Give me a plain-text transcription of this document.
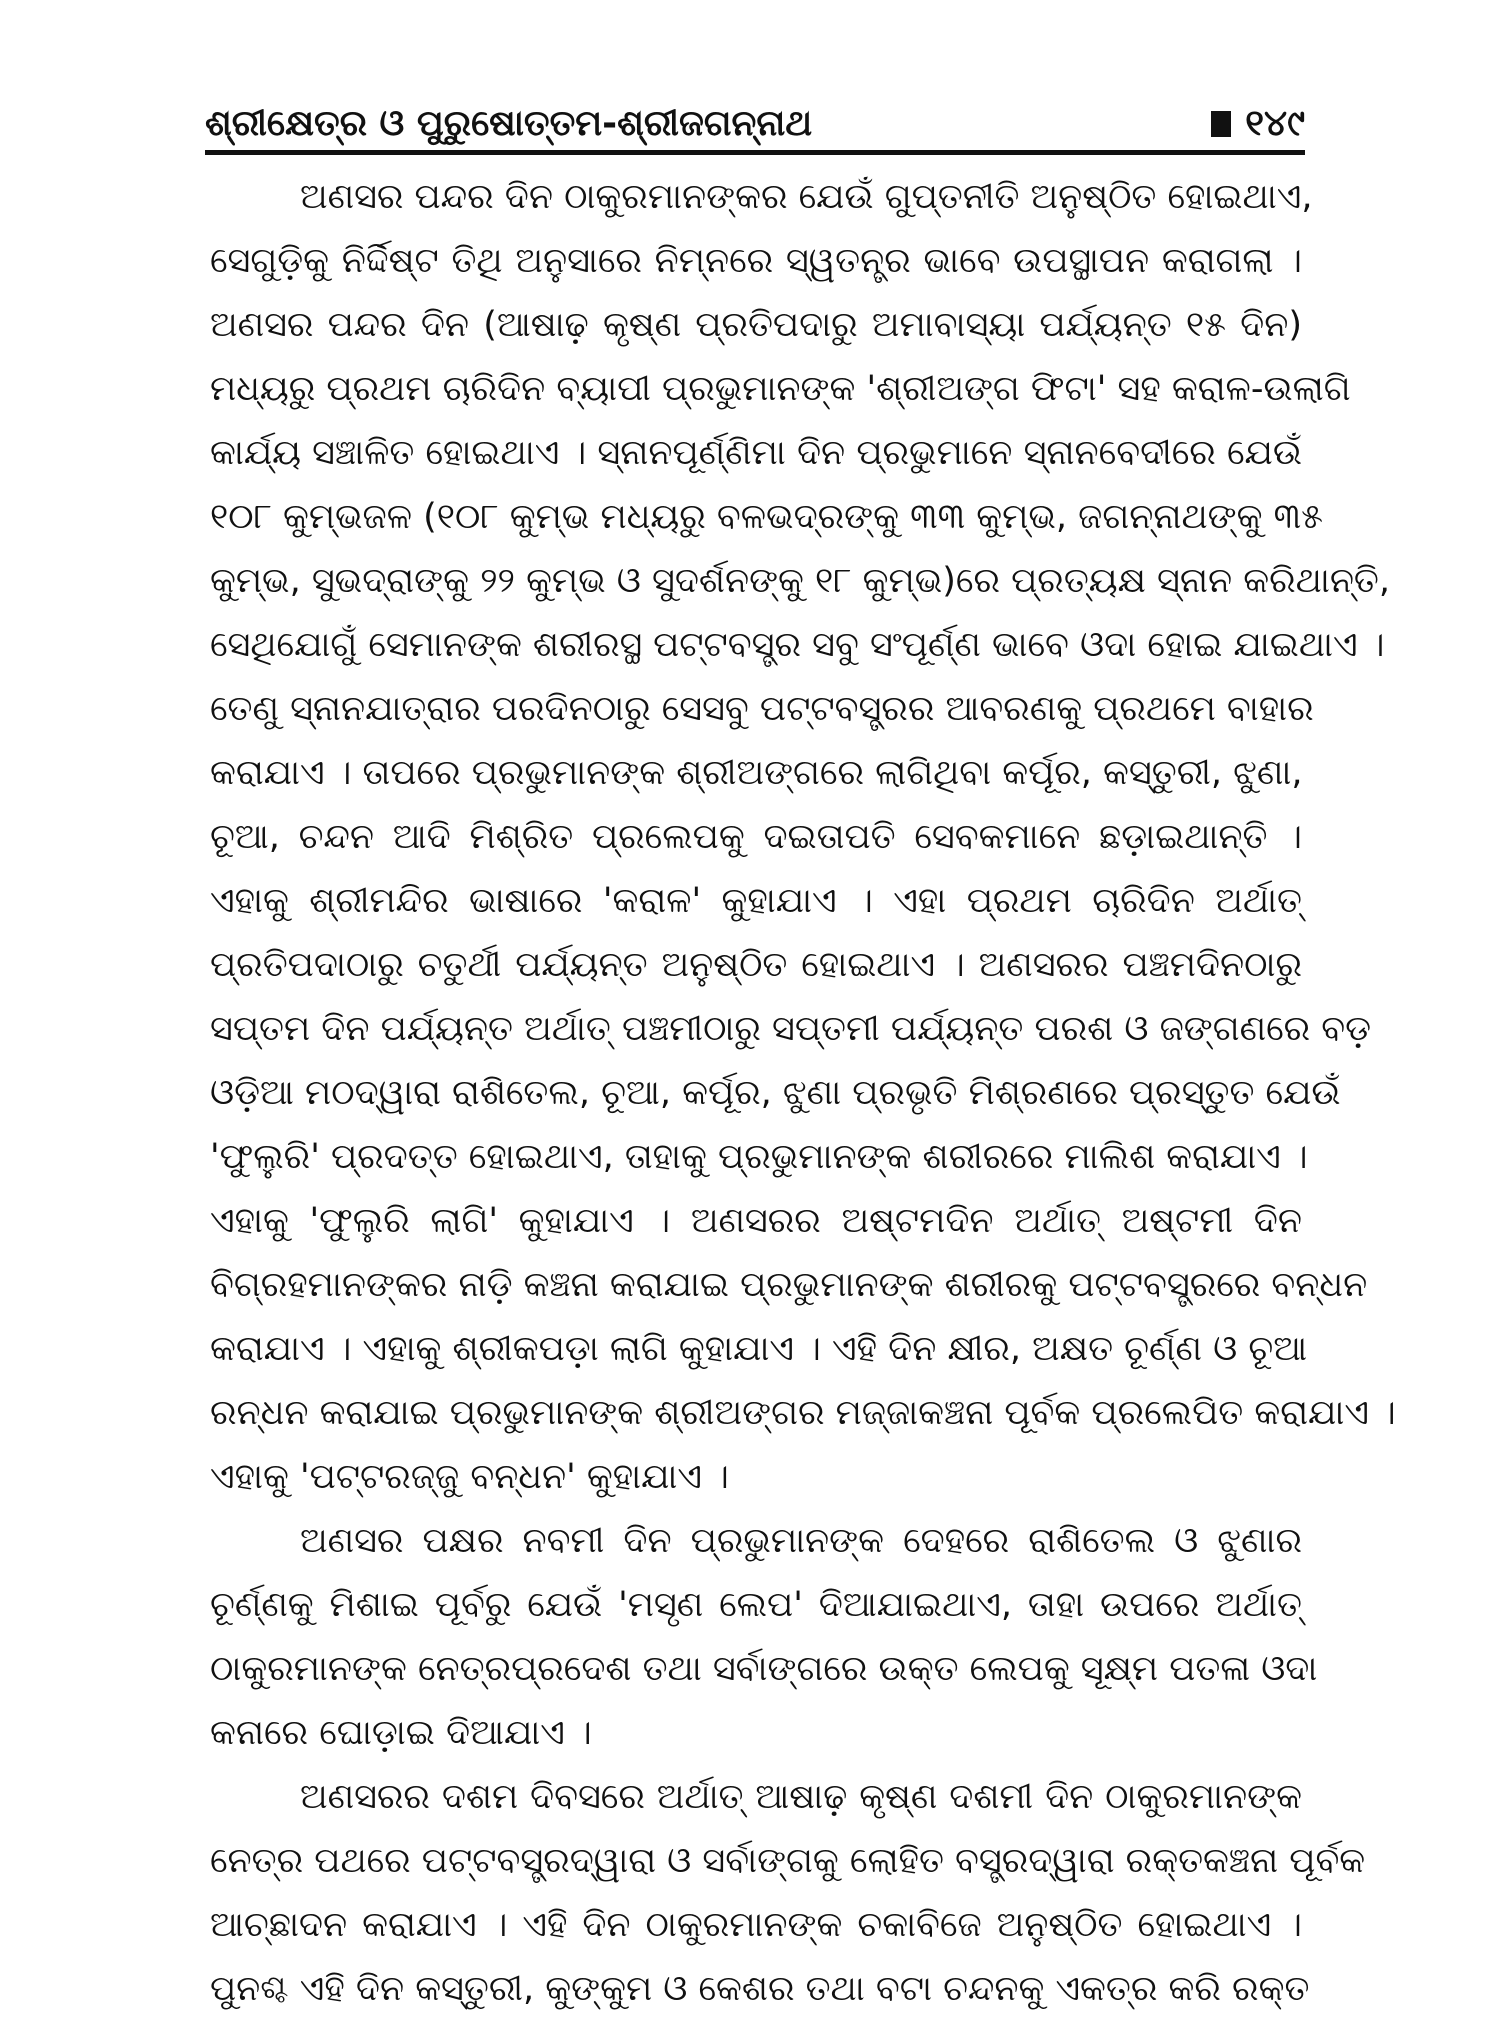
ଶ୍ରୀକ୍ଷେତ୍ର ଓ ପୁରୁଷୋତ୍ତମ-ଶ୍ରୀଜଗନ୍ନାଥ	୧୪୯
ଅଣସର ପନ୍ଦର ଦିନ ଠାକୁରମାନଙ୍କର ଯେଉଁ ଗୁପ୍ତନୀତି ଅନୁଷ୍ଠିତ ହୋଇଥାଏ,
ସେଗୁଡ଼ିକୁ ନିର୍ଦ୍ଦିଷ୍ଟ ତିଥି ଅନୁସାରେ ନିମ୍ନରେ ସ୍ୱତନ୍ତ୍ର ଭାବେ ଉପସ୍ଥାପନ କରାଗଲା ।
ଅଣସର ପନ୍ଦର ଦିନ (ଆଷାଢ଼ କୃଷ୍ଣ ପ୍ରତିପଦାରୁ ଅମାବାସ୍ୟା ପର୍ଯ୍ୟନ୍ତ ୧୫ ଦିନ)
ମଧ୍ୟରୁ ପ୍ରଥମ ଚାରିଦିନ ବ୍ୟାପୀ ପ୍ରଭୁମାନଙ୍କ 'ଶ୍ରୀଅଙ୍ଗ ଫିଟା' ସହ କରାଳ-ଉଲାଗି
କାର୍ଯ୍ୟ ସଞ୍ଚାଳିତ ହୋଇଥାଏ । ସ୍ନାନପୂର୍ଣ୍ଣିମା ଦିନ ପ୍ରଭୁମାନେ ସ୍ନାନବେଦୀରେ ଯେଉଁ
୧୦୮ କୁମ୍ଭଜଳ (୧୦୮ କୁମ୍ଭ ମଧ୍ୟରୁ ବଳଭଦ୍ରଙ୍କୁ ୩୩ କୁମ୍ଭ, ଜଗନ୍ନାଥଙ୍କୁ ୩୫
କୁମ୍ଭ, ସୁଭଦ୍ରାଙ୍କୁ ୨୨ କୁମ୍ଭ ଓ ସୁଦର୍ଶନଙ୍କୁ ୧୮ କୁମ୍ଭ)ରେ ପ୍ରତ୍ୟକ୍ଷ ସ୍ନାନ କରିଥାନ୍ତି,
ସେଥିଯୋଗୁଁ ସେମାନଙ୍କ ଶରୀରସ୍ଥ ପଟ୍ଟବସ୍ତ୍ର ସବୁ ସଂପୂର୍ଣ୍ଣ ଭାବେ ଓଦା ହୋଇ ଯାଇଥାଏ ।
ତେଣୁ ସ୍ନାନଯାତ୍ରାର ପରଦିନଠାରୁ ସେସବୁ ପଟ୍ଟବସ୍ତ୍ରର ଆବରଣକୁ ପ୍ରଥମେ ବାହାର
କରାଯାଏ । ତାପରେ ପ୍ରଭୁମାନଙ୍କ ଶ୍ରୀଅଙ୍ଗରେ ଲାଗିଥିବା କର୍ପୂର, କସ୍ତୁରୀ, ଝୁଣା,
ଚୂଆ, ଚନ୍ଦନ ଆଦି ମିଶ୍ରିତ ପ୍ରଲେପକୁ ଦଇତାପତି ସେବକମାନେ ଛଡ଼ାଇଥାନ୍ତି ।
ଏହାକୁ ଶ୍ରୀମନ୍ଦିର ଭାଷାରେ 'କରାଳ' କୁହାଯାଏ । ଏହା ପ୍ରଥମ ଚାରିଦିନ ଅର୍ଥାତ୍
ପ୍ରତିପଦାଠାରୁ ଚତୁର୍ଥୀ ପର୍ଯ୍ୟନ୍ତ ଅନୁଷ୍ଠିତ ହୋଇଥାଏ । ଅଣସରର ପଞ୍ଚମଦିନଠାରୁ
ସପ୍ତମ ଦିନ ପର୍ଯ୍ୟନ୍ତ ଅର୍ଥାତ୍ ପଞ୍ଚମୀଠାରୁ ସପ୍ତମୀ ପର୍ଯ୍ୟନ୍ତ ପରଶ ଓ ଜଙ୍ଗଣରେ ବଡ଼
ଓଡ଼ିଆ ମଠଦ୍ୱାରା ରାଶିତେଲ, ଚୂଆ, କର୍ପୂର, ଝୁଣା ପ୍ରଭୃତି ମିଶ୍ରଣରେ ପ୍ରସ୍ତୁତ ଯେଉଁ
'ଫୁଲୁରି' ପ୍ରଦତ୍ତ ହୋଇଥାଏ, ତାହାକୁ ପ୍ରଭୁମାନଙ୍କ ଶରୀରରେ ମାଲିଶ କରାଯାଏ ।
ଏହାକୁ 'ଫୁଲୁରି ଲାଗି' କୁହାଯାଏ । ଅଣସରର ଅଷ୍ଟମଦିନ ଅର୍ଥାତ୍ ଅଷ୍ଟମୀ ଦିନ
ବିଗ୍ରହମାନଙ୍କର ନାଡ଼ି କଞ୍ଚନା କରାଯାଇ ପ୍ରଭୁମାନଙ୍କ ଶରୀରକୁ ପଟ୍ଟବସ୍ତ୍ରରେ ବନ୍ଧନ
କରାଯାଏ । ଏହାକୁ ଶ୍ରୀକପଡ଼ା ଲାଗି କୁହାଯାଏ । ଏହି ଦିନ କ୍ଷୀର, ଅକ୍ଷତ ଚୂର୍ଣ୍ଣ ଓ ଚୂଆ
ରନ୍ଧନ କରାଯାଇ ପ୍ରଭୁମାନଙ୍କ ଶ୍ରୀଅଙ୍ଗର ମଜ୍ଜାକଞ୍ଚନା ପୂର୍ବକ ପ୍ରଲେପିତ କରାଯାଏ ।
ଏହାକୁ 'ପଟ୍ଟରଜ୍ଜୁ ବନ୍ଧନ' କୁହାଯାଏ ।
ଅଣସର ପକ୍ଷର ନବମୀ ଦିନ ପ୍ରଭୁମାନଙ୍କ ଦେହରେ ରାଶିତେଲ ଓ ଝୁଣାର
ଚୂର୍ଣ୍ଣକୁ ମିଶାଇ ପୂର୍ବରୁ ଯେଉଁ 'ମସୃଣ ଲେପ' ଦିଆଯାଇଥାଏ, ତାହା ଉପରେ ଅର୍ଥାତ୍
ଠାକୁରମାନଙ୍କ ନେତ୍ରପ୍ରଦେଶ ତଥା ସର୍ବାଙ୍ଗରେ ଉକ୍ତ ଲେପକୁ ସୂକ୍ଷ୍ମ ପତଳା ଓଦା
କନାରେ ଘୋଡ଼ାଇ ଦିଆଯାଏ ।
ଅଣସରର ଦଶମ ଦିବସରେ ଅର୍ଥାତ୍ ଆଷାଢ଼ କୃଷ୍ଣ ଦଶମୀ ଦିନ ଠାକୁରମାନଙ୍କ
ନେତ୍ର ପଥରେ ପଟ୍ଟବସ୍ତ୍ରଦ୍ୱାରା ଓ ସର୍ବାଙ୍ଗକୁ ଲୋହିତ ବସ୍ତ୍ରଦ୍ୱାରା ରକ୍ତକଞ୍ଚନା ପୂର୍ବକ
ଆଚ୍ଛାଦନ କରାଯାଏ । ଏହି ଦିନ ଠାକୁରମାନଙ୍କ ଚକାବିଜେ ଅନୁଷ୍ଠିତ ହୋଇଥାଏ ।
ପୁନଶ୍ଚ ଏହି ଦିନ କସ୍ତୁରୀ, କୁଙ୍କୁମ ଓ କେଶର ତଥା ବଟା ଚନ୍ଦନକୁ ଏକତ୍ର କରି ରକ୍ତ
